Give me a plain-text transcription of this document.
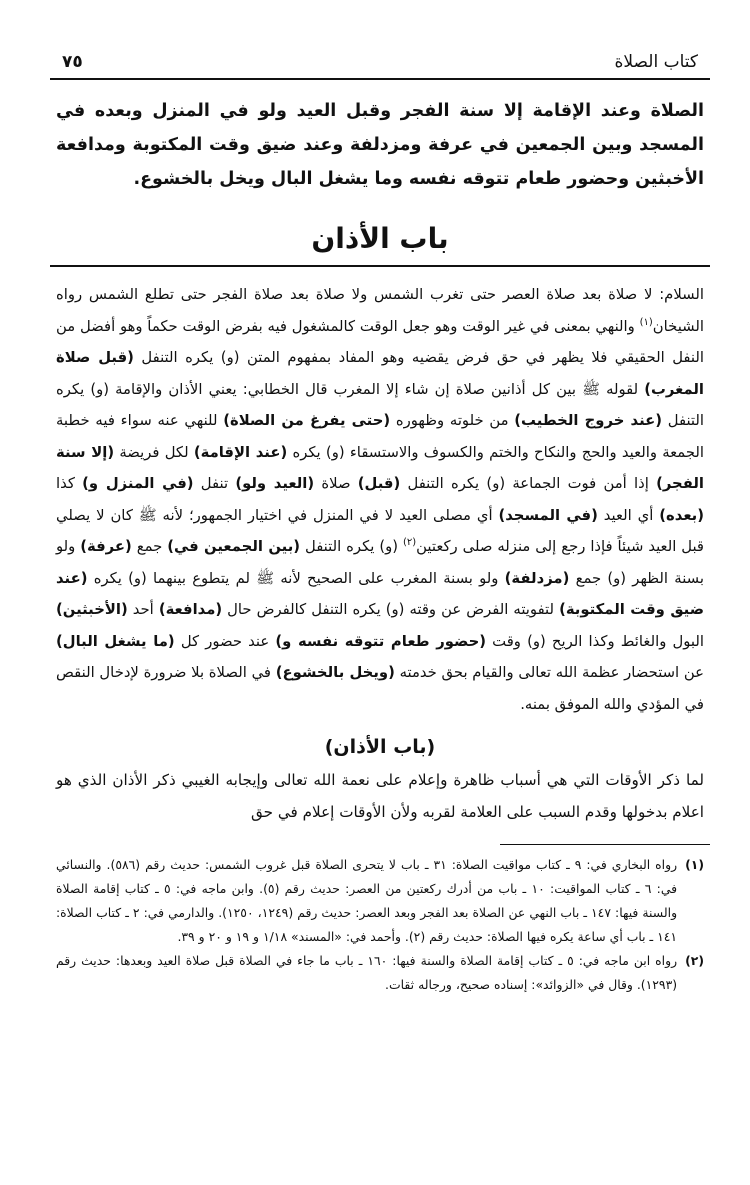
كتاب الصلاة
٧٥

الصلاة وعند الإقامة إلا سنة الفجر وقبل العيد ولو في المنزل وبعده في المسجد وبين الجمعين في عرفة ومزدلفة وعند ضيق وقت المكتوبة ومدافعة الأخبثين وحضور طعام تتوقه نفسه وما يشغل البال ويخل بالخشوع.

باب الأذان

السلام: لا صلاة بعد صلاة العصر حتى تغرب الشمس ولا صلاة بعد صلاة الفجر حتى تطلع الشمس رواه الشيخان$^{(١)}$ والنهي بمعنى في غير الوقت وهو جعل الوقت كالمشغول فيه بفرض الوقت حكماً وهو أفضل من النفل الحقيقي فلا يظهر في حق فرض يقضيه وهو المفاد بمفهوم المتن (و) يكره التنفل (قبل صلاة المغرب) لقوله ﷺ بين كل أذانين صلاة إن شاء إلا المغرب قال الخطابي: يعني الأذان والإقامة (و) يكره التنفل (عند خروج الخطيب) من خلوته وظهوره (حتى يفرغ من الصلاة) للنهي عنه سواء فيه خطبة الجمعة والعيد والحج والنكاح والختم والكسوف والاستسقاء (و) يكره (عند الإقامة) لكل فريضة (إلا سنة الفجر) إذا أمن فوت الجماعة (و) يكره التنفل (قبل) صلاة (العيد ولو) تنفل (في المنزل و) كذا (بعده) أي العيد (في المسجد) أي مصلى العيد لا في المنزل في اختيار الجمهور؛ لأنه ﷺ كان لا يصلي قبل العيد شيئاً فإذا رجع إلى منزله صلى ركعتين$^{(٢)}$ (و) يكره التنفل (بين الجمعين في) جمع (عرفة) ولو بسنة الظهر (و) جمع (مزدلفة) ولو بسنة المغرب على الصحيح لأنه ﷺ لم يتطوع بينهما (و) يكره (عند ضيق وقت المكتوبة) لتفويته الفرض عن وقته (و) يكره التنفل كالفرض حال (مدافعة) أحد (الأخبثين) البول والغائط وكذا الريح (و) وقت (حضور طعام تتوقه نفسه و) عند حضور كل (ما يشغل البال) عن استحضار عظمة الله تعالى والقيام بحق خدمته (ويخل بالخشوع) في الصلاة بلا ضرورة لإدخال النقص في المؤدي والله الموفق بمنه.

(باب الأذان)

لما ذكر الأوقات التي هي أسباب ظاهرة وإعلام على نعمة الله تعالى وإيجابه الغيبي ذكر الأذان الذي هو اعلام بدخولها وقدم السبب على العلامة لقربه ولأن الأوقات إعلام في حق

(١)
رواه البخاري في: ٩ ـ كتاب مواقيت الصلاة: ٣١ ـ باب لا يتحرى الصلاة قبل غروب الشمس: حديث رقم (٥٨٦). والنسائي في: ٦ ـ كتاب المواقيت: ١٠ ـ باب من أدرك ركعتين من العصر: حديث رقم (٥). وابن ماجه في: ٥ ـ كتاب إقامة الصلاة والسنة فيها: ١٤٧ ـ باب النهي عن الصلاة بعد الفجر وبعد العصر: حديث رقم (١٢٤٩، ١٢٥٠). والدارمي في: ٢ ـ كتاب الصلاة: ١٤١ ـ باب أي ساعة يكره فيها الصلاة: حديث رقم (٢). وأحمد في: «المسند» ١/١٨ و ١٩ و ٢٠ و ٣٩.
(٢)
رواه ابن ماجه في: ٥ ـ كتاب إقامة الصلاة والسنة فيها: ١٦٠ ـ باب ما جاء في الصلاة قبل صلاة العيد وبعدها: حديث رقم (١٢٩٣). وقال في «الزوائد»: إسناده صحيح، ورجاله ثقات.
